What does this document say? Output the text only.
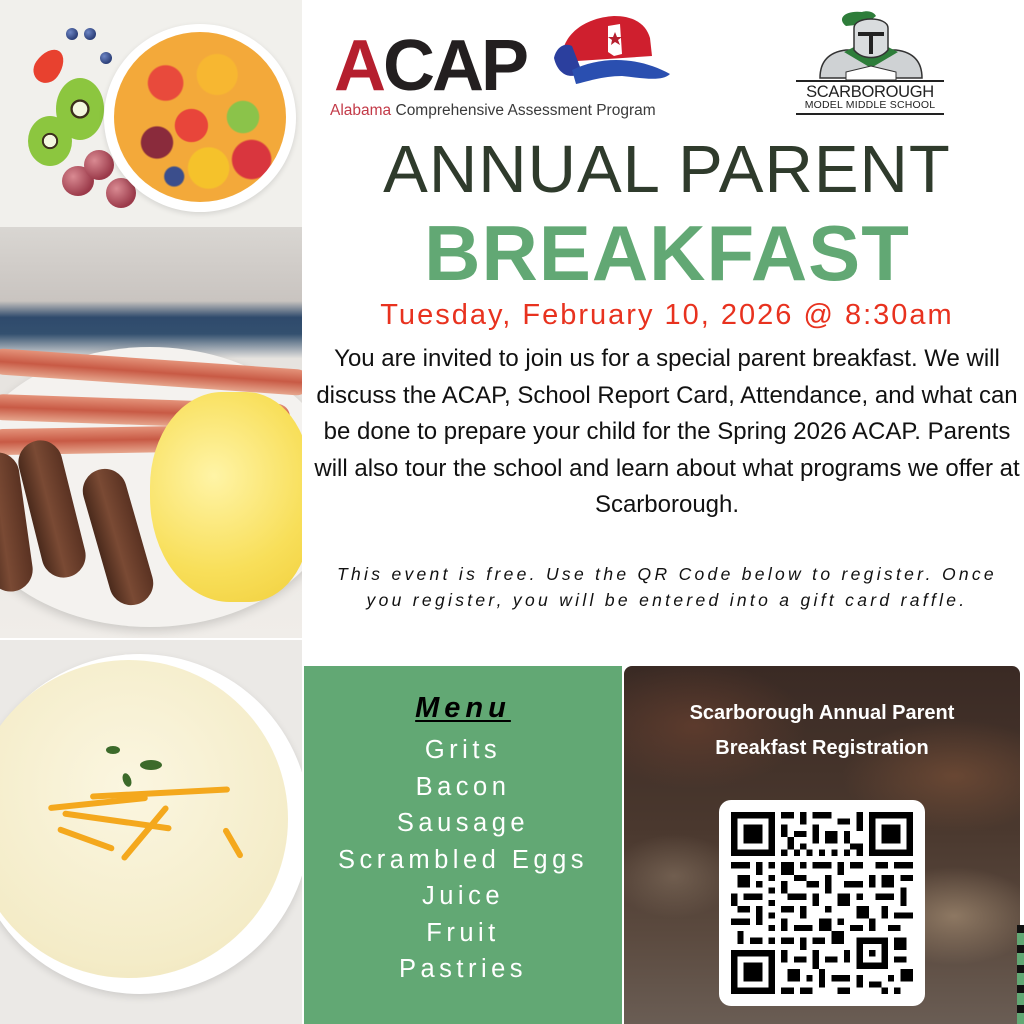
ACAP
Alabama Comprehensive Assessment Program
SCARBOROUGH
MODEL MIDDLE SCHOOL
ANNUAL PARENT
BREAKFAST
Tuesday, February 10, 2026 @ 8:30am

You are invited to join us for a special parent breakfast. We will discuss the ACAP, School Report Card, Attendance, and what can be done to prepare your child for the Spring 2026 ACAP. Parents will also tour the school and learn about what programs we offer at Scarborough.

This event is free. Use the QR Code below to register. Once you register, you will be entered into a gift card raffle.

Menu
Grits
Bacon
Sausage
Scrambled Eggs
Juice
Fruit
Pastries
Scarborough Annual Parent
Breakfast Registration
